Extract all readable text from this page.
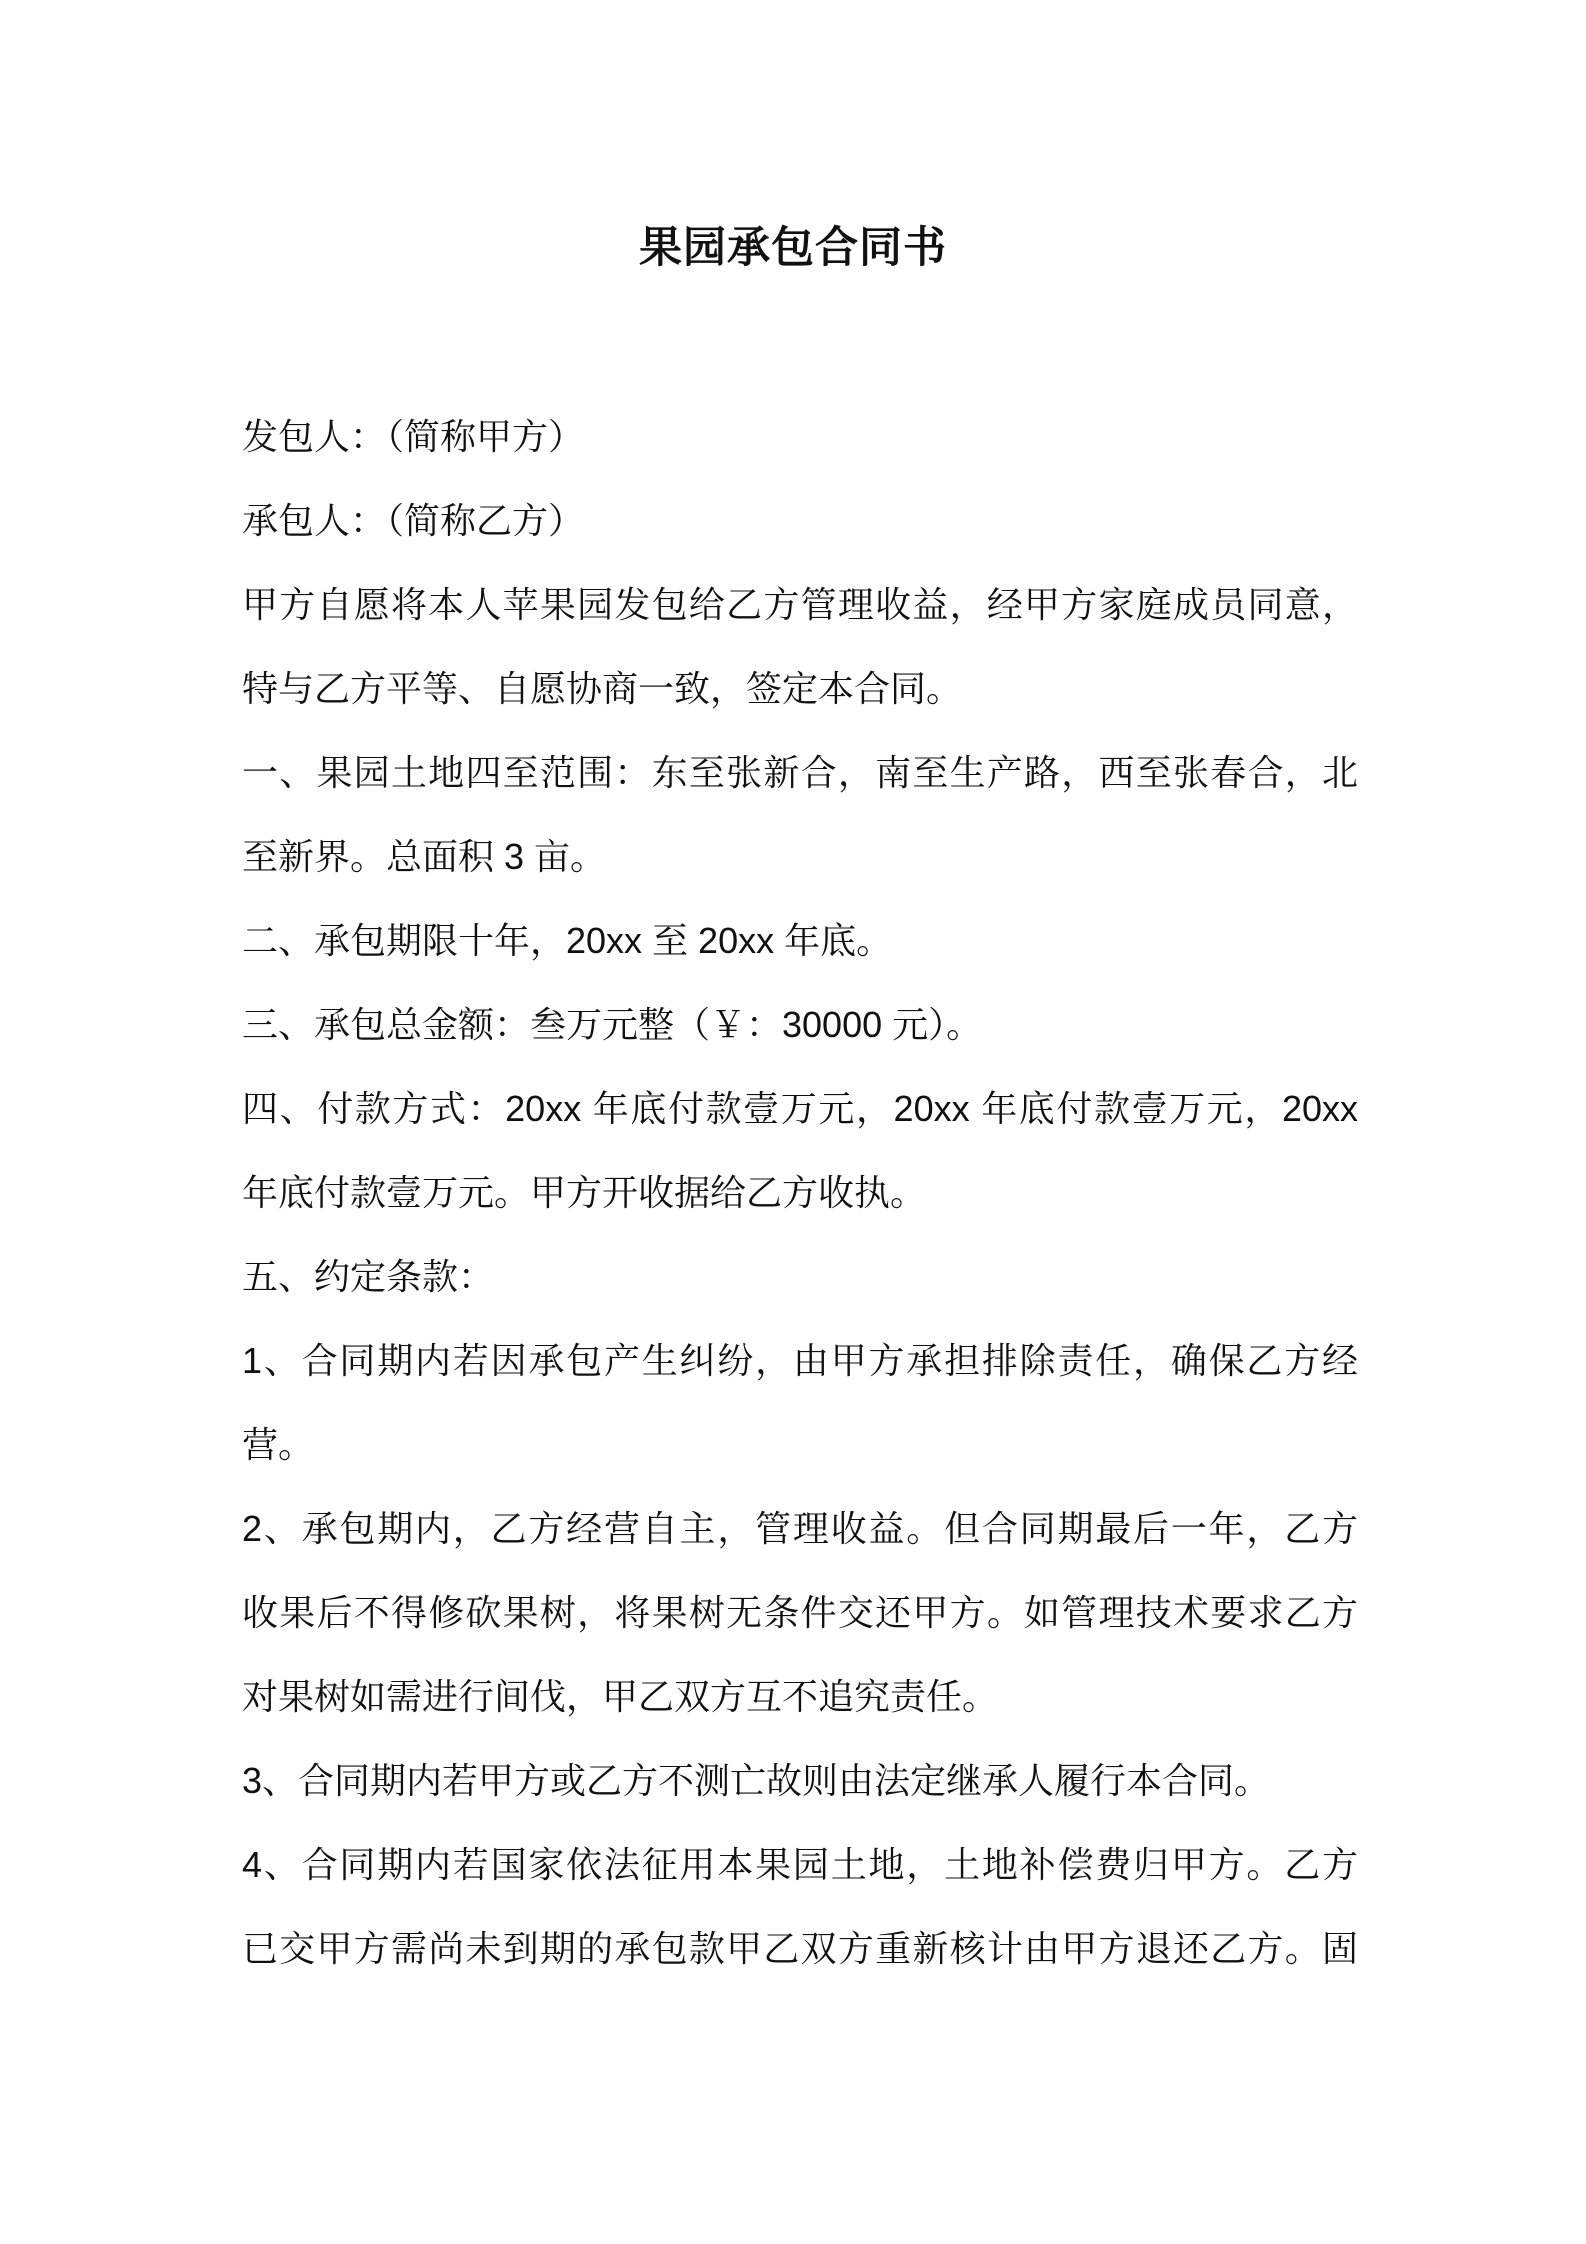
果园承包合同书
发包人：（简称甲方）
承包人：（简称乙方）
甲方自愿将本人苹果园发包给乙方管理收益，经甲方家庭成员同意，
特与乙方平等、自愿协商一致，签定本合同。
一、果园土地四至范围：东至张新合，南至生产路，西至张春合，北
至新界。总面积 3 亩。
二、承包期限十年，20xx 至 20xx 年底。
三、承包总金额：叁万元整（￥：30000 元）。
四、付款方式：20xx 年底付款壹万元，20xx 年底付款壹万元，20xx
年底付款壹万元。甲方开收据给乙方收执。
五、约定条款：
1、合同期内若因承包产生纠纷，由甲方承担排除责任，确保乙方经
营。
2、承包期内，乙方经营自主，管理收益。但合同期最后一年，乙方
收果后不得修砍果树，将果树无条件交还甲方。如管理技术要求乙方
对果树如需进行间伐，甲乙双方互不追究责任。
3、合同期内若甲方或乙方不测亡故则由法定继承人履行本合同。
4、合同期内若国家依法征用本果园土地，土地补偿费归甲方。乙方
已交甲方需尚未到期的承包款甲乙双方重新核计由甲方退还乙方。固
